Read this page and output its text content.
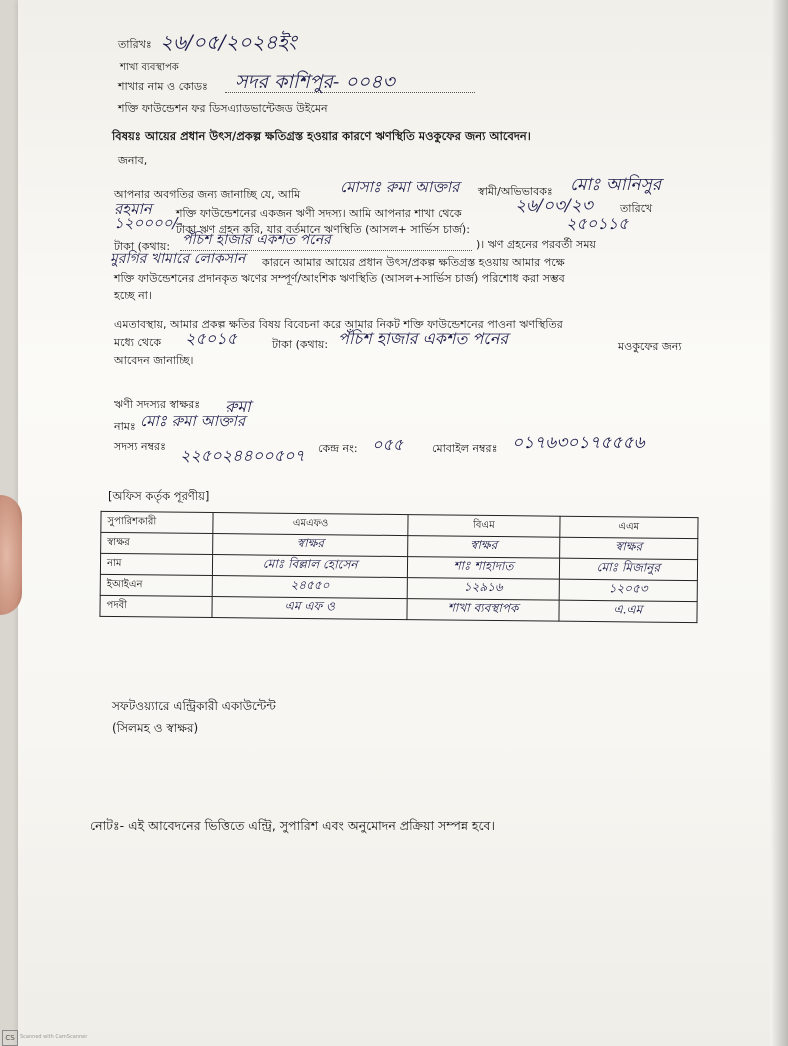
তারিখঃ ২৬/০৫/২০২৪ইং
শাখা ব্যবস্থাপক
শাখার নাম ও কোডঃ সদর কাশিপুর- ০০৪৩
শক্তি ফাউন্ডেশন ফর ডিসএ্যাডভান্টেজড উইমেন
বিষয়ঃ আয়ের প্রধান উৎস/প্রকল্প ক্ষতিগ্রস্ত হওয়ার কারণে ঋণস্থিতি মওকুফের জন্য আবেদন।
জনাব,
আপনার অবগতির জন্য জানাচ্ছি যে, আমি	মোসাঃ রুমা আক্তার স্বামী/অভিভাবকঃ মোঃ আনিসুর
রহমান শক্তি ফাউন্ডেশনের একজন ঋণী সদস্য। আমি আপনার শাখা থেকে	২৬/০৩/২৩ তারিখে
১২০০০০/-
টাকা ঋণ গ্রহন করি, যার বর্তমানে ঋণস্থিতি (আসল+ সার্ভিস চার্জ):	২৫০১১৫
টাকা (কথায়: পঁচিশ হাজার একশত পনের	)। ঋণ গ্রহনের পরবর্তী সময়
মুরগির খামারে লোকসান কারনে আমার আয়ের প্রধান উৎস/প্রকল্প ক্ষতিগ্রস্ত হওয়ায় আমার পক্ষে
শক্তি ফাউন্ডেশনের প্রদানকৃত ঋণের সম্পূর্ণ/আংশিক ঋণস্থিতি (আসল+সার্ভিস চার্জ) পরিশোধ করা সম্ভব
হচ্ছে না।
এমতাবস্থায়, আমার প্রকল্প ক্ষতির বিষয় বিবেচনা করে আমার নিকট শক্তি ফাউন্ডেশনের পাওনা ঋণস্থিতির
মধ্যে থেকে ২৫০১৫	টাকা (কথায়: পঁচিশ হাজার একশত পনের	মওকুফের জন্য
আবেদন জানাচ্ছি।
ঋণী সদস্যর স্বাক্ষরঃ রুমা
নামঃ মোঃ রুমা আক্তার
সদস্য নম্বরঃ ২২৫০২৪৪০০৫০৭ কেন্দ্র নং: ০৫৫	মোবাইল নম্বরঃ ০১৭৬৩০১৭৫৫৫৬
[অফিস কর্তৃক পূরণীয়]
সুপারিশকারী	এমএফও	বিএম	এএম
স্বাক্ষর	স্বাক্ষর	স্বাক্ষর	স্বাক্ষর
নাম	মোঃ বিল্লাল হোসেন	শাঃ শাহাদাত	মোঃ মিজানুর
ইআইএন	২৪৫৫০	১২৯১৬	১২০৫৩
পদবী	এম এফ ও	শাখা ব্যবস্থাপক	এ.এম
সফটওয়্যারে এন্ট্রিকারী একাউন্টেন্ট
(সিলমহ ও স্বাক্ষর)
নোটঃ- এই আবেদনের ভিত্তিতে এন্ট্রি, সুপারিশ এবং অনুমোদন প্রক্রিয়া সম্পন্ন হবে।
CS	Scanned with CamScanner
